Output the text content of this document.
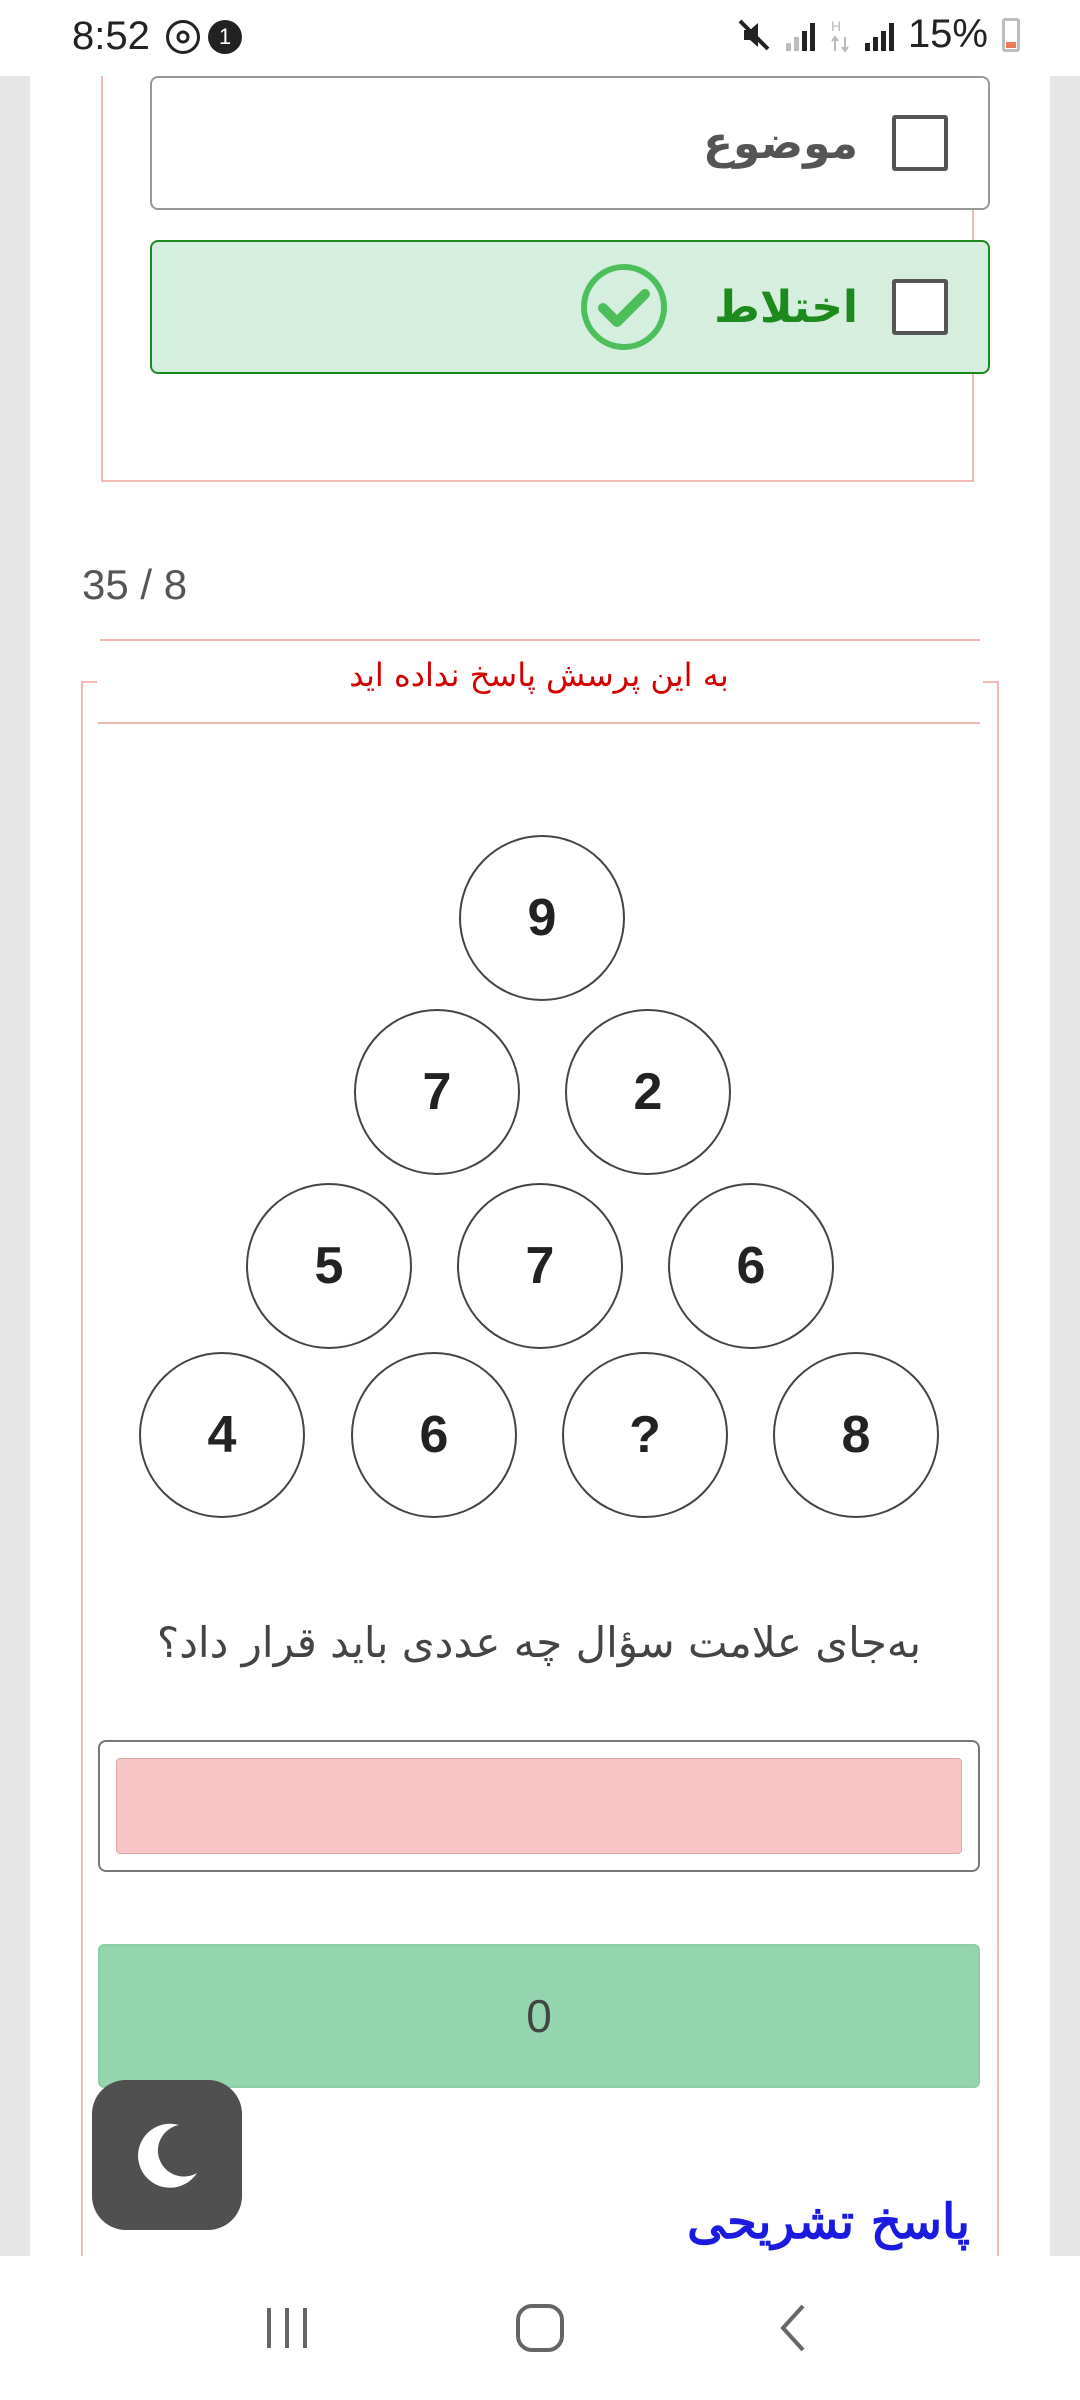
8:52	1	H 15%
موضوع
اختلاط
35 / 8
به این پرسش پاسخ نداده اید
9
7	2
5	7	6
4	6	?	8
به‌جای علامت سؤال چه عددی باید قرار داد؟
0
پاسخ تشریحی
